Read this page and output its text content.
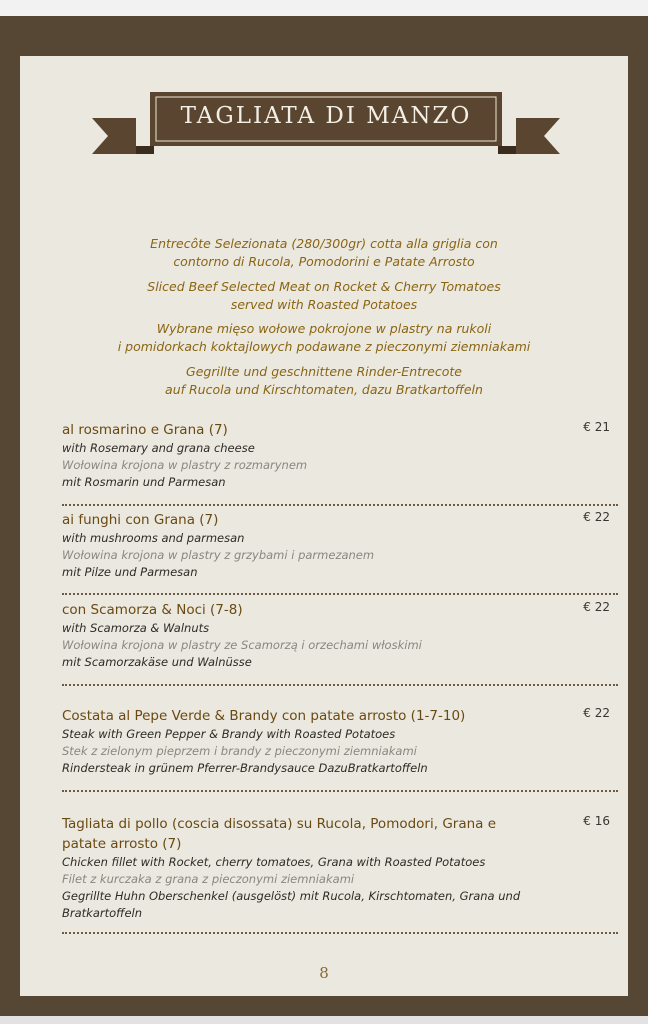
TAGLIATA DI MANZO
Entrecôte Selezionata (280/300gr) cotta alla griglia con
contorno di Rucola, Pomodorini e Patate Arrosto
Sliced Beef Selected Meat on Rocket & Cherry Tomatoes
served with Roasted Potatoes
Wybrane mięso wołowe pokrojone w plastry na rukoli
i pomidorkach koktajlowych podawane z pieczonymi ziemniakami
Gegrillte und geschnittene Rinder-Entrecote
auf Rucola und Kirschtomaten, dazu Bratkartoffeln
al rosmarino e Grana (7)
with Rosemary and grana cheese
Wołowina krojona w plastry z rozmarynem
mit Rosmarin und Parmesan
€ 21
ai funghi con Grana (7)
with mushrooms and parmesan
Wołowina krojona w plastry z grzybami i parmezanem
mit Pilze und Parmesan
€ 22
con Scamorza & Noci (7-8)
with Scamorza & Walnuts
Wołowina krojona w plastry ze Scamorzą i orzechami włoskimi
mit Scamorzakäse und Walnüsse
€ 22
Costata al Pepe Verde & Brandy con patate arrosto (1-7-10)
Steak with Green Pepper & Brandy with Roasted Potatoes
Stek z zielonym pieprzem i brandy z pieczonymi ziemniakami
Rindersteak in grünem Pferrer-Brandysauce DazuBratkartoffeln
€ 22
Tagliata di pollo (coscia disossata) su Rucola, Pomodori, Grana e patate arrosto (7)
Chicken fillet with Rocket, cherry tomatoes, Grana with Roasted Potatoes
Filet z kurczaka z grana z pieczonymi ziemniakami
Gegrillte Huhn Oberschenkel (ausgelöst) mit Rucola, Kirschtomaten, Grana und Bratkartoffeln
€ 16
8
